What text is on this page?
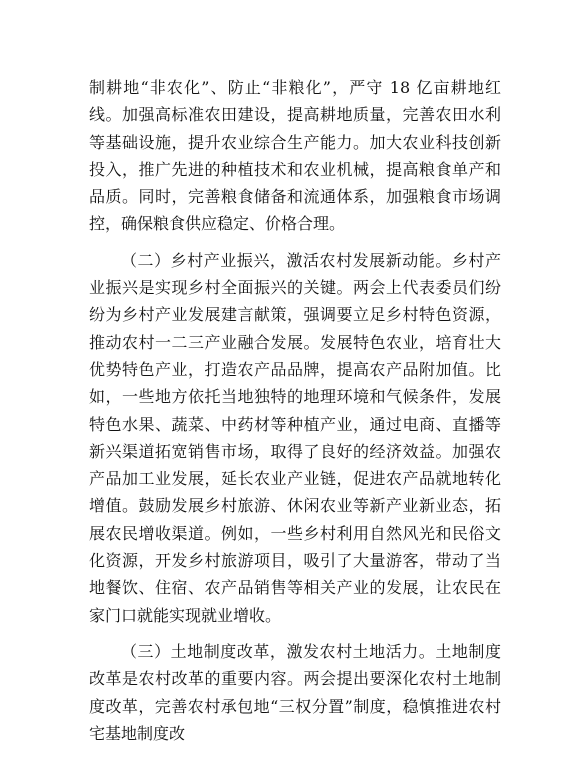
制耕地“非农化”、防止“非粮化”，严守 18 亿亩耕地红线。加强高标准农田建设，提高耕地质量，完善农田水利等基础设施，提升农业综合生产能力。加大农业科技创新投入，推广先进的种植技术和农业机械，提高粮食单产和品质。同时，完善粮食储备和流通体系，加强粮食市场调控，确保粮食供应稳定、价格合理。

（二）乡村产业振兴，激活农村发展新动能。乡村产业振兴是实现乡村全面振兴的关键。两会上代表委员们纷纷为乡村产业发展建言献策，强调要立足乡村特色资源，推动农村一二三产业融合发展。发展特色农业，培育壮大优势特色产业，打造农产品品牌，提高农产品附加值。比如，一些地方依托当地独特的地理环境和气候条件，发展特色水果、蔬菜、中药材等种植产业，通过电商、直播等新兴渠道拓宽销售市场，取得了良好的经济效益。加强农产品加工业发展，延长农业产业链，促进农产品就地转化增值。鼓励发展乡村旅游、休闲农业等新产业新业态，拓展农民增收渠道。例如，一些乡村利用自然风光和民俗文化资源，开发乡村旅游项目，吸引了大量游客，带动了当地餐饮、住宿、农产品销售等相关产业的发展，让农民在家门口就能实现就业增收。

（三）土地制度改革，激发农村土地活力。土地制度改革是农村改革的重要内容。两会提出要深化农村土地制度改革，完善农村承包地“三权分置”制度，稳慎推进农村宅基地制度改
